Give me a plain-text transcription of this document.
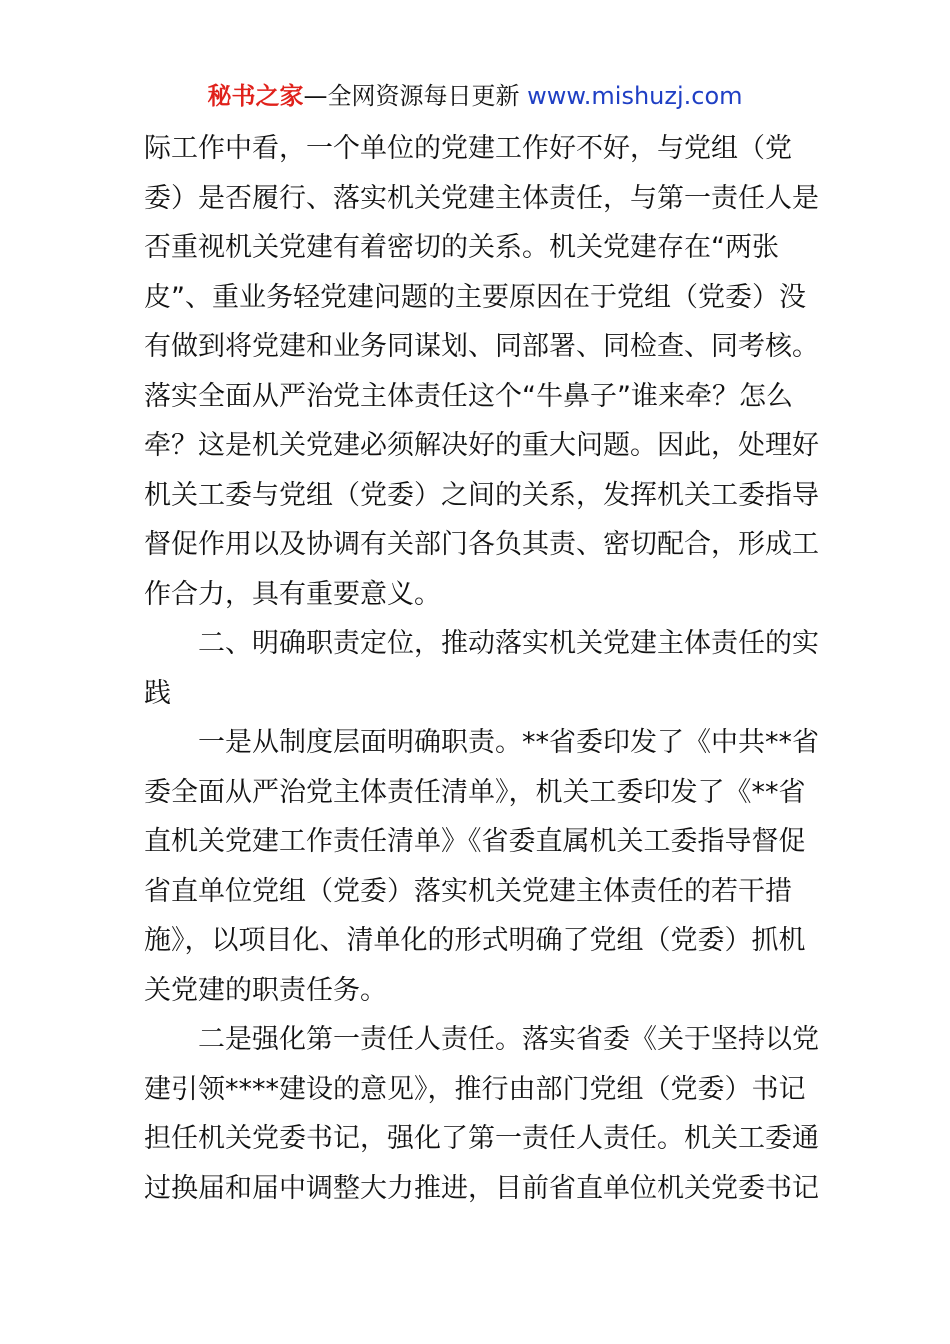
秘书之家—全网资源每日更新 www.mishuzj.com
际工作中看，一个单位的党建工作好不好，与党组（党
委）是否履行、落实机关党建主体责任，与第一责任人是
否重视机关党建有着密切的关系。机关党建存在“两张
皮”、重业务轻党建问题的主要原因在于党组（党委）没
有做到将党建和业务同谋划、同部署、同检查、同考核。
落实全面从严治党主体责任这个“牛鼻子”谁来牵？怎么
牵？这是机关党建必须解决好的重大问题。因此，处理好
机关工委与党组（党委）之间的关系，发挥机关工委指导
督促作用以及协调有关部门各负其责、密切配合，形成工
作合力，具有重要意义。
二、明确职责定位，推动落实机关党建主体责任的实
践
一是从制度层面明确职责。**省委印发了《中共**省
委全面从严治党主体责任清单》，机关工委印发了《**省
直机关党建工作责任清单》《省委直属机关工委指导督促
省直单位党组（党委）落实机关党建主体责任的若干措
施》，以项目化、清单化的形式明确了党组（党委）抓机
关党建的职责任务。
二是强化第一责任人责任。落实省委《关于坚持以党
建引领****建设的意见》，推行由部门党组（党委）书记
担任机关党委书记，强化了第一责任人责任。机关工委通
过换届和届中调整大力推进，目前省直单位机关党委书记
